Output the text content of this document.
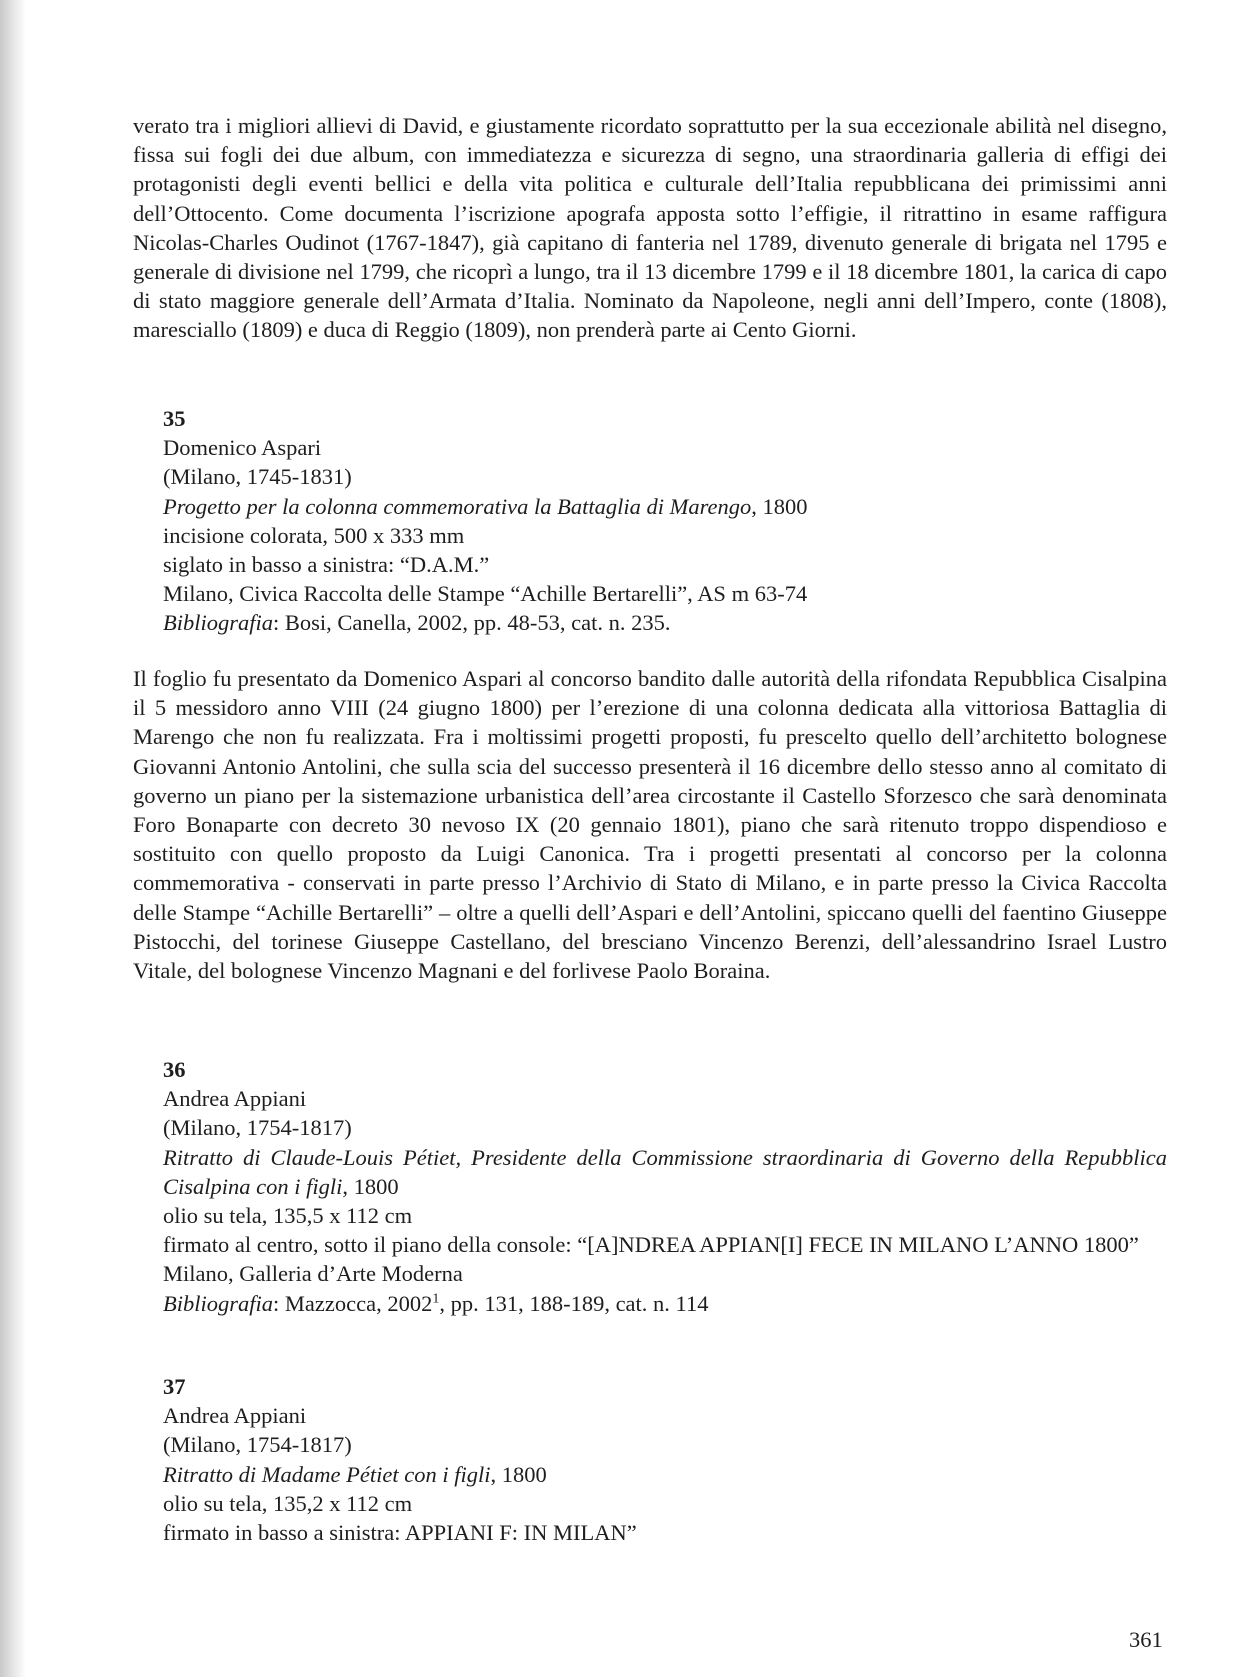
verato tra i migliori allievi di David, e giustamente ricordato soprattutto per la sua eccezionale abilità nel disegno, fissa sui fogli dei due album, con immediatezza e sicurezza di segno, una straordinaria galleria di effigi dei protagonisti degli eventi bellici e della vita politica e culturale dell’Italia repubblicana dei primissimi anni dell’Ottocento. Come documenta l’iscrizione apografa apposta sotto l’effigie, il ritrattino in esame raffigura Nicolas-Charles Oudinot (1767-1847), già capitano di fanteria nel 1789, divenuto generale di brigata nel 1795 e generale di divisione nel 1799, che ricoprì a lungo, tra il 13 dicembre 1799 e il 18 dicembre 1801, la carica di capo di stato maggiore generale dell’Armata d’Italia. Nominato da Napoleone, negli anni dell’Impero, conte (1808), maresciallo (1809) e duca di Reggio (1809), non prenderà parte ai Cento Giorni.

35
Domenico Aspari
(Milano, 1745-1831)
Progetto per la colonna commemorativa la Battaglia di Marengo, 1800
incisione colorata, 500 x 333 mm
siglato in basso a sinistra: “D.A.M.”
Milano, Civica Raccolta delle Stampe “Achille Bertarelli”, AS m 63-74
Bibliografia: Bosi, Canella, 2002, pp. 48-53, cat. n. 235.

Il foglio fu presentato da Domenico Aspari al concorso bandito dalle autorità della rifondata Repubblica Cisalpina il 5 messidoro anno VIII (24 giugno 1800) per l’erezione di una colonna dedicata alla vittoriosa Battaglia di Marengo che non fu realizzata. Fra i moltissimi progetti proposti, fu prescelto quello dell’architetto bolognese Giovanni Antonio Antolini, che sulla scia del successo presenterà il 16 dicembre dello stesso anno al comitato di governo un piano per la sistemazione urbanistica dell’area circostante il Castello Sforzesco che sarà denominata Foro Bonaparte con decreto 30 nevoso IX (20 gennaio 1801), piano che sarà ritenuto troppo dispendioso e sostituito con quello proposto da Luigi Canonica. Tra i progetti presentati al concorso per la colonna commemorativa - conservati in parte presso l’Archivio di Stato di Milano, e in parte presso la Civica Raccolta delle Stampe “Achille Bertarelli” – oltre a quelli dell’Aspari e dell’Antolini, spiccano quelli del faentino Giuseppe Pistocchi, del torinese Giuseppe Castellano, del bresciano Vincenzo Berenzi, dell’alessandrino Israel Lustro Vitale, del bolognese Vincenzo Magnani e del forlivese Paolo Boraina.

36
Andrea Appiani
(Milano, 1754-1817)
Ritratto di Claude-Louis Pétiet, Presidente della Commissione straordinaria di Governo della Repubblica Cisalpina con i figli, 1800
olio su tela, 135,5 x 112 cm
firmato al centro, sotto il piano della console: “[A]NDREA APPIAN[I] FECE IN MILANO L’ANNO 1800”
Milano, Galleria d’Arte Moderna
Bibliografia: Mazzocca, 2002$^1$, pp. 131, 188-189, cat. n. 114
37
Andrea Appiani
(Milano, 1754-1817)
Ritratto di Madame Pétiet con i figli, 1800
olio su tela, 135,2 x 112 cm
firmato in basso a sinistra: APPIANI F: IN MILAN”
361
